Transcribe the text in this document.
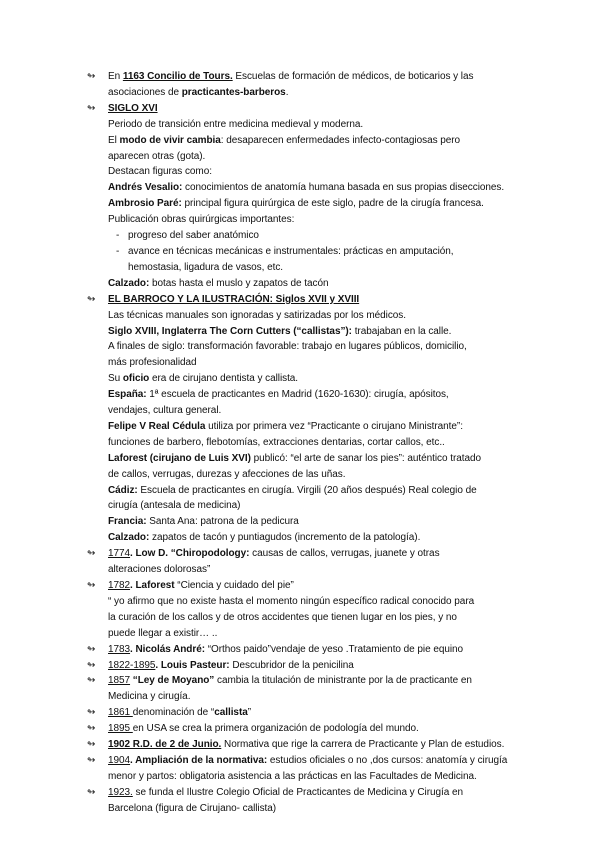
↬ En 1163 Concilio de Tours. Escuelas de formación de médicos, de boticarios y las
asociaciones de practicantes-barberos.
↬ SIGLO XVI
Periodo de transición entre medicina medieval y moderna.
El modo de vivir cambia: desaparecen enfermedades infecto-contagiosas pero
aparecen otras (gota).
Destacan figuras como:
Andrés Vesalio: conocimientos de anatomía humana basada en sus propias disecciones.
Ambrosio Paré: principal figura quirúrgica de este siglo, padre de la cirugía francesa.
Publicación obras quirúrgicas importantes:
- progreso del saber anatómico
- avance en técnicas mecánicas e instrumentales: prácticas en amputación,
hemostasia, ligadura de vasos, etc.
Calzado: botas hasta el muslo y zapatos de tacón
↬ EL BARROCO Y LA ILUSTRACIÓN: Siglos XVII y XVIII
Las técnicas manuales son ignoradas y satirizadas por los médicos.
Siglo XVIII, Inglaterra The Corn Cutters (“callistas”): trabajaban en la calle.
A finales de siglo: transformación favorable: trabajo en lugares públicos, domicilio,
más profesionalidad
Su oficio era de cirujano dentista y callista.
España: 1ª escuela de practicantes en Madrid (1620-1630): cirugía, apósitos,
vendajes, cultura general.
Felipe V Real Cédula utiliza por primera vez “Practicante o cirujano Ministrante”:
funciones de barbero, flebotomías, extracciones dentarias, cortar callos, etc..
Laforest (cirujano de Luis XVI) publicó: “el arte de sanar los pies”: auténtico tratado
de callos, verrugas, durezas y afecciones de las uñas.
Cádiz: Escuela de practicantes en cirugía. Virgili (20 años después) Real colegio de
cirugía (antesala de medicina)
Francia: Santa Ana: patrona de la pedicura
Calzado: zapatos de tacón y puntiagudos (incremento de la patología).
↬ 1774. Low D. “Chiropodology: causas de callos, verrugas, juanete y otras
alteraciones dolorosas”
↬ 1782. Laforest “Ciencia y cuidado del pie”
“ yo afirmo que no existe hasta el momento ningún específico radical conocido para
la curación de los callos y de otros accidentes que tienen lugar en los pies, y no
puede llegar a existir… ..
↬ 1783. Nicolás André: “Orthos paido”vendaje de yeso .Tratamiento de pie equino
↬ 1822-1895. Louis Pasteur: Descubridor de la penicilina
↬ 1857 “Ley de Moyano” cambia la titulación de ministrante por la de practicante en
Medicina y cirugía.
↬ 1861 denominación de “callista”
↬ 1895 en USA se crea la primera organización de podología del mundo.
↬ 1902 R.D. de 2 de Junio. Normativa que rige la carrera de Practicante y Plan de estudios.
↬ 1904. Ampliación de la normativa: estudios oficiales o no ,dos cursos: anatomía y cirugía
menor y partos: obligatoria asistencia a las prácticas en las Facultades de Medicina.
↬ 1923. se funda el Ilustre Colegio Oficial de Practicantes de Medicina y Cirugía en
Barcelona (figura de Cirujano- callista)
